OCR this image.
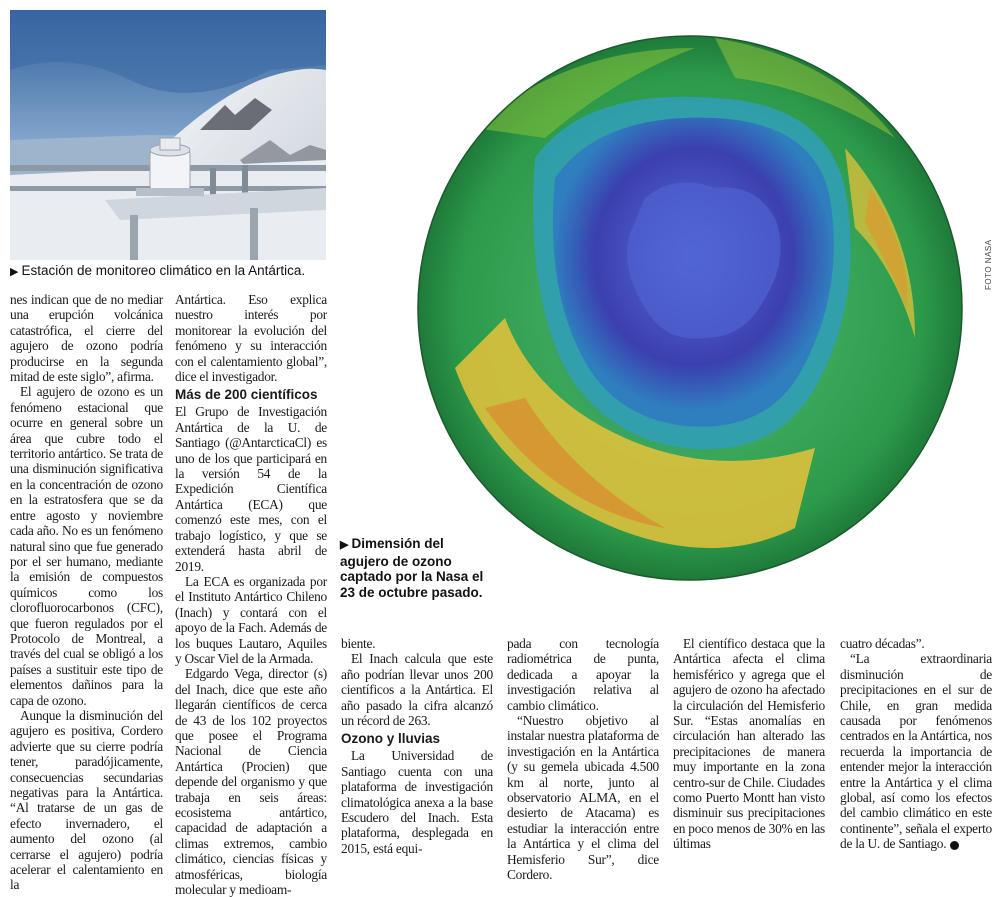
▶ Estación de monitoreo climático en la Antártica.	FOTO NASA
▶ Dimensión del
agujero de ozono
captado por la Nasa el
23 de octubre pasado.

nes indican que de no mediar una erupción volcánica catastrófica, el cierre del agujero de ozono podría producirse en la segunda mitad de este siglo”, afirma.

El agujero de ozono es un fenómeno estacional que ocurre en general sobre un área que cubre todo el territorio antártico. Se trata de una disminución significativa en la concentración de ozono en la estratosfera que se da entre agosto y noviembre cada año. No es un fenómeno natural sino que fue generado por el ser humano, mediante la emisión de compuestos químicos como los clorofluorocarbonos (CFC), que fueron regulados por el Protocolo de Montreal, a través del cual se obligó a los países a sustituir este tipo de elementos dañinos para la capa de ozono.

Aunque la disminución del agujero es positiva, Cordero advierte que su cierre podría tener, paradójicamente, consecuencias secundarias negativas para la Antártica. “Al tratarse de un gas de efecto invernadero, el aumento del ozono (al cerrarse el agujero) podría acelerar el calentamiento en la

Antártica. Eso explica nuestro interés por monitorear la evolución del fenómeno y su interacción con el calentamiento global”, dice el investigador.

Más de 200 científicos

El Grupo de Investigación Antártica de la U. de Santiago (@AntarcticaCl) es uno de los que participará en la versión 54 de la Expedición Científica Antártica (ECA) que comenzó este mes, con el trabajo logístico, y que se extenderá hasta abril de 2019.

La ECA es organizada por el Instituto Antártico Chileno (Inach) y contará con el apoyo de la Fach. Además de los buques Lautaro, Aquiles y Oscar Viel de la Armada.

Edgardo Vega, director (s) del Inach, dice que este año llegarán científicos de cerca de 43 de los 102 proyectos que posee el Programa Nacional de Ciencia Antártica (Procien) que depende del organismo y que trabaja en seis áreas: ecosistema antártico, capacidad de adaptación a climas extremos, cambio climático, ciencias físicas y atmosféricas, biología molecular y medioam-

biente.

El Inach calcula que este año podrían llevar unos 200 científicos a la Antártica. El año pasado la cifra alcanzó un récord de 263.

Ozono y lluvias

La Universidad de Santiago cuenta con una plataforma de investigación climatológica anexa a la base Escudero del Inach. Esta plataforma, desplegada en 2015, está equi-

pada con tecnología radiométrica de punta, dedicada a apoyar la investigación relativa al cambio climático.

“Nuestro objetivo al instalar nuestra plataforma de investigación en la Antártica (y su gemela ubicada 4.500 km al norte, junto al observatorio ALMA, en el desierto de Atacama) es estudiar la interacción entre la Antártica y el clima del Hemisferio Sur”, dice Cordero.

El científico destaca que la Antártica afecta el clima hemisférico y agrega que el agujero de ozono ha afectado la circulación del Hemisferio Sur. “Estas anomalías en circulación han alterado las precipitaciones de manera muy importante en la zona centro-sur de Chile. Ciudades como Puerto Montt han visto disminuir sus precipitaciones en poco menos de 30% en las últimas

cuatro décadas”.

“La extraordinaria disminución de precipitaciones en el sur de Chile, en gran medida causada por fenómenos centrados en la Antártica, nos recuerda la importancia de entender mejor la interacción entre la Antártica y el clima global, así como los efectos del cambio climático en este continente”, señala el experto de la U. de Santiago.
